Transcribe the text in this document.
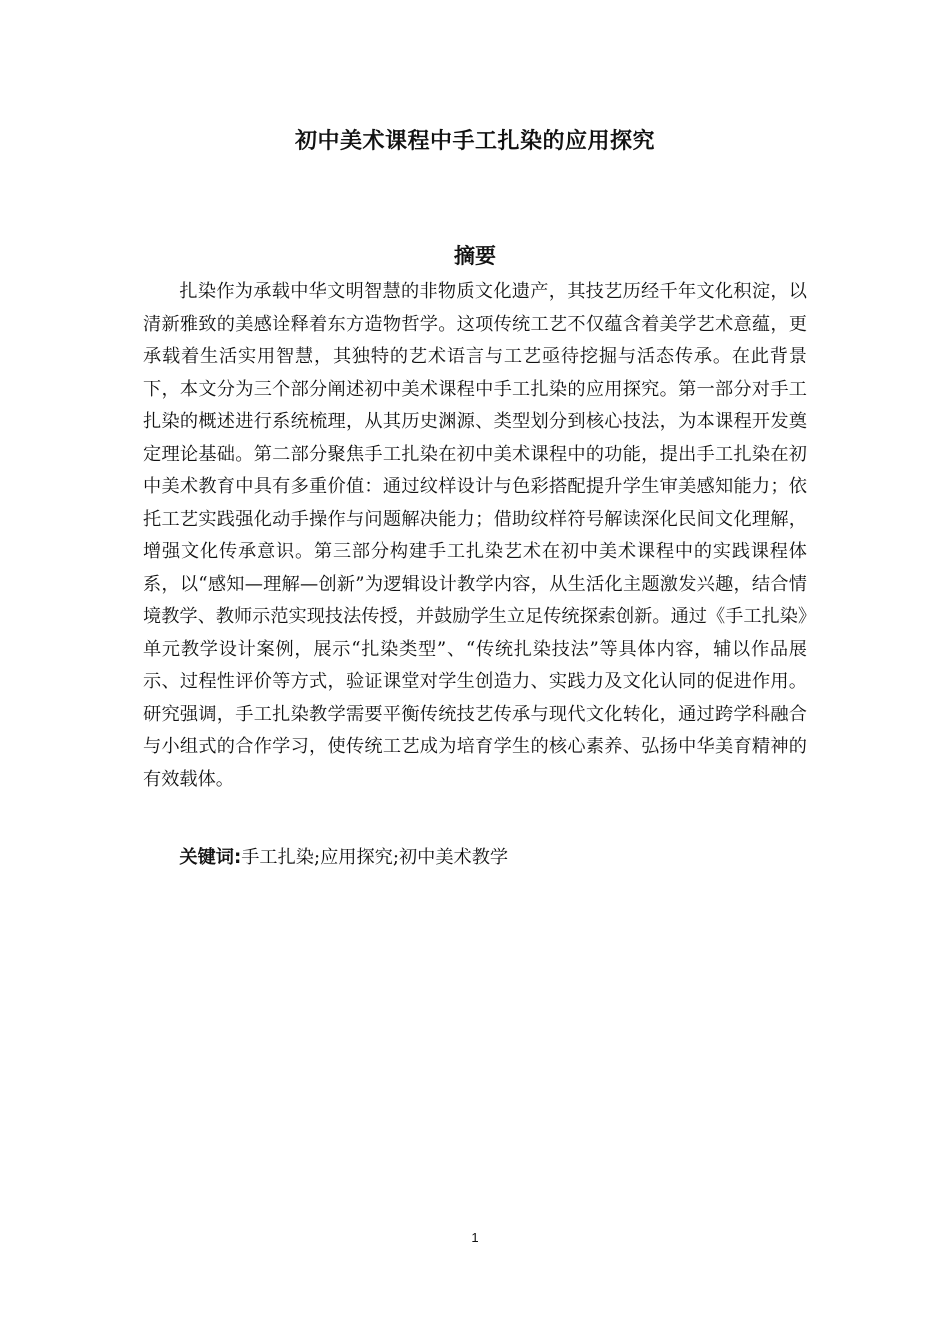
初中美术课程中手工扎染的应用探究
摘要

扎染作为承载中华文明智慧的非物质文化遗产，其技艺历经千年文化积淀，以清新雅致的美感诠释着东方造物哲学。这项传统工艺不仅蕴含着美学艺术意蕴，更承载着生活实用智慧，其独特的艺术语言与工艺亟待挖掘与活态传承。在此背景下，本文分为三个部分阐述初中美术课程中手工扎染的应用探究。第一部分对手工扎染的概述进行系统梳理，从其历史渊源、类型划分到核心技法，为本课程开发奠定理论基础。第二部分聚焦手工扎染在初中美术课程中的功能，提出手工扎染在初中美术教育中具有多重价值：通过纹样设计与色彩搭配提升学生审美感知能力；依托工艺实践强化动手操作与问题解决能力；借助纹样符号解读深化民间文化理解，增强文化传承意识。第三部分构建手工扎染艺术在初中美术课程中的实践课程体系，以“感知—理解—创新”为逻辑设计教学内容，从生活化主题激发兴趣，结合情境教学、教师示范实现技法传授，并鼓励学生立足传统探索创新。通过《手工扎染》单元教学设计案例，展示“扎染类型”、“传统扎染技法”等具体内容，辅以作品展示、过程性评价等方式，验证课堂对学生创造力、实践力及文化认同的促进作用。研究强调，手工扎染教学需要平衡传统技艺传承与现代文化转化，通过跨学科融合与小组式的合作学习，使传统工艺成为培育学生的核心素养、弘扬中华美育精神的有效载体。

关键词:手工扎染;应用探究;初中美术教学

1
